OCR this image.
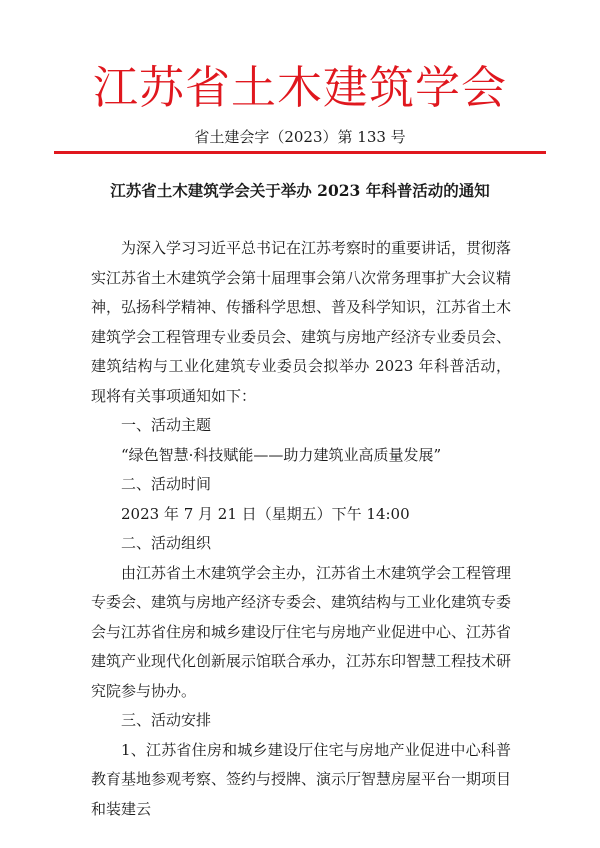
江苏省土木建筑学会
省土建会字（2023）第 133 号
江苏省土木建筑学会关于举办 2023 年科普活动的通知

为深入学习习近平总书记在江苏考察时的重要讲话，贯彻落实江苏省土木建筑学会第十届理事会第八次常务理事扩大会议精神，弘扬科学精神、传播科学思想、普及科学知识，江苏省土木建筑学会工程管理专业委员会、建筑与房地产经济专业委员会、建筑结构与工业化建筑专业委员会拟举办 2023 年科普活动，现将有关事项通知如下：

一、活动主题

“绿色智慧·科技赋能——助力建筑业高质量发展”

二、活动时间

2023 年 7 月 21 日（星期五）下午 14:00

二、活动组织

由江苏省土木建筑学会主办，江苏省土木建筑学会工程管理专委会、建筑与房地产经济专委会、建筑结构与工业化建筑专委会与江苏省住房和城乡建设厅住宅与房地产业促进中心、江苏省建筑产业现代化创新展示馆联合承办，江苏东印智慧工程技术研究院参与协办。

三、活动安排

1、江苏省住房和城乡建设厅住宅与房地产业促进中心科普教育基地参观考察、签约与授牌、演示厅智慧房屋平台一期项目和装建云
